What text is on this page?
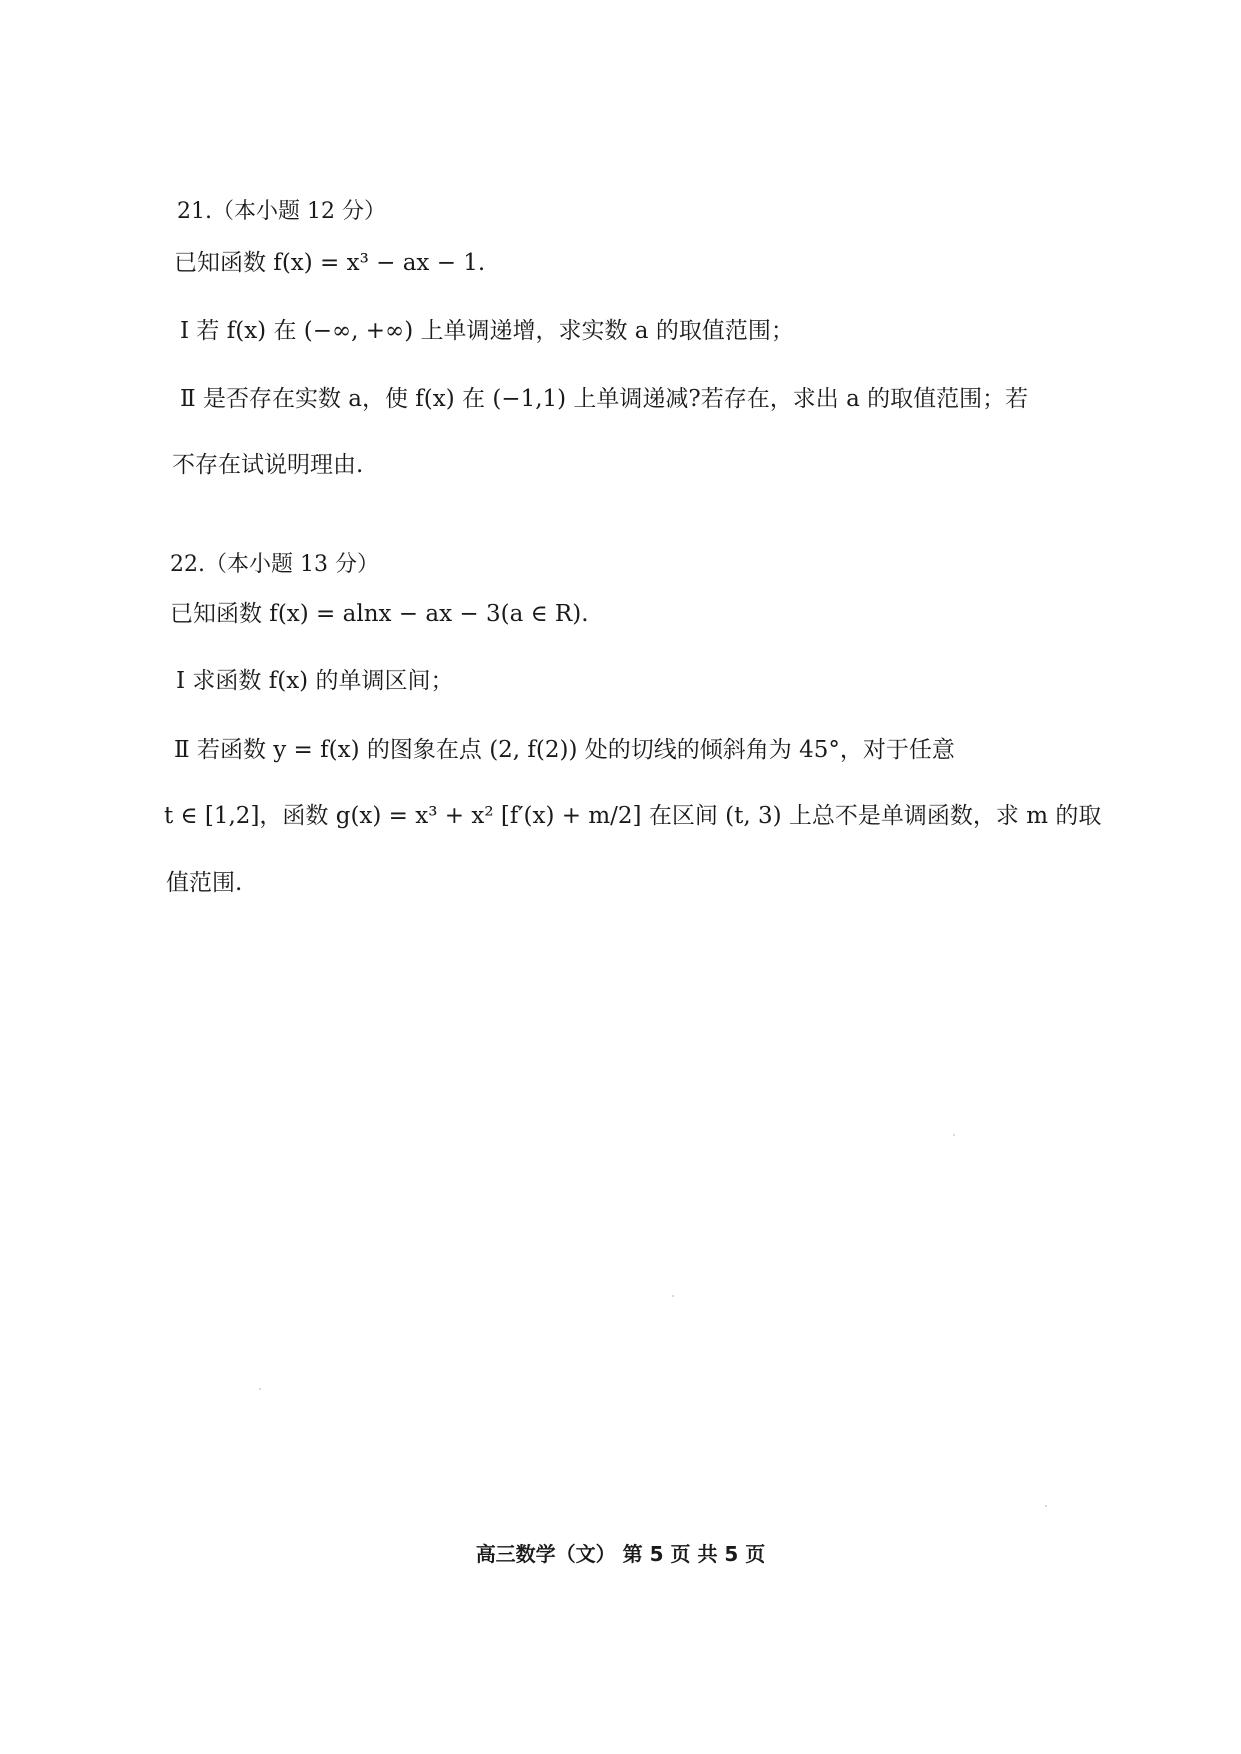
21.（本小题 12 分）
已知函数 f(x) = x³ − ax − 1.
Ⅰ 若 f(x) 在 (−∞, +∞) 上单调递增，求实数 a 的取值范围；
Ⅱ 是否存在实数 a，使 f(x) 在 (−1,1) 上单调递减?若存在，求出 a 的取值范围；若
不存在试说明理由.
22.（本小题 13 分）
已知函数 f(x) = alnx − ax − 3(a ∈ R).
Ⅰ 求函数 f(x) 的单调区间；
Ⅱ 若函数 y = f(x) 的图象在点 (2, f(2)) 处的切线的倾斜角为 45°，对于任意
t ∈ [1,2]，函数 g(x) = x³ + x² [f′(x) + m/2] 在区间 (t, 3) 上总不是单调函数，求 m 的取
值范围.
高三数学（文） 第 5 页 共 5 页
